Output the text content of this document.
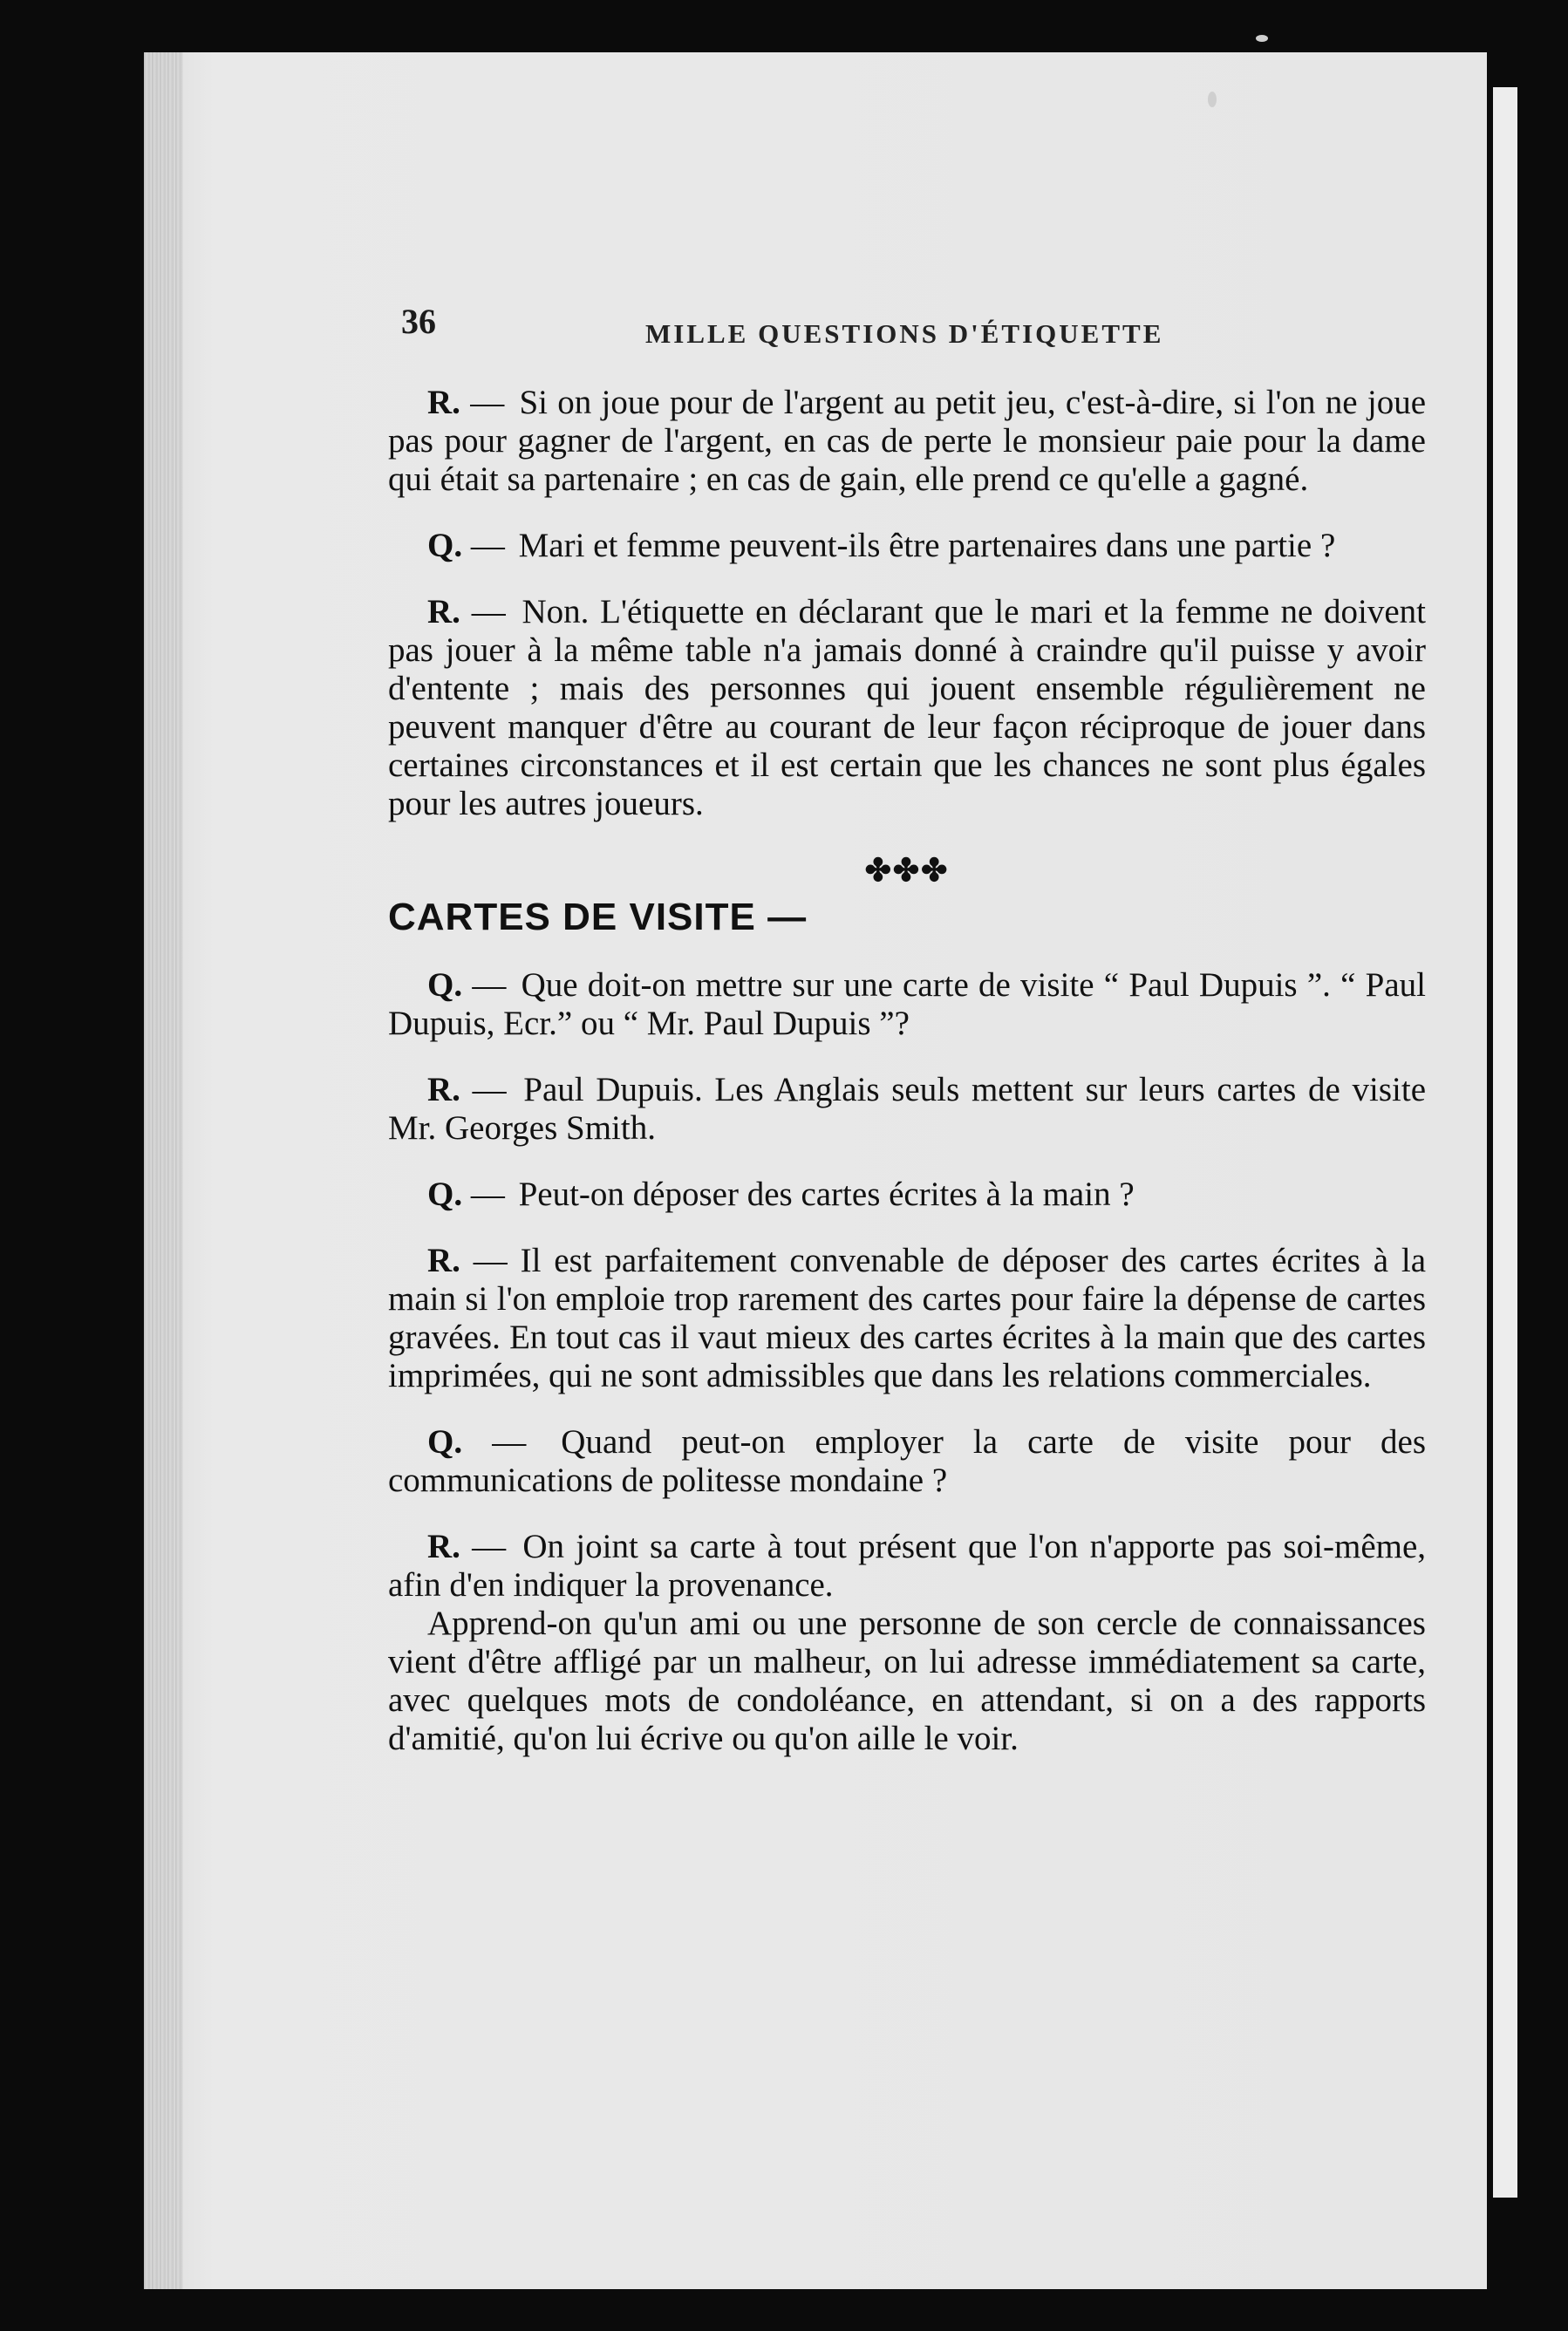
36	MILLE QUESTIONS D'ÉTIQUETTE

R. — Si on joue pour de l'argent au petit jeu, c'est-à-dire, si l'on ne joue pas pour gagner de l'argent, en cas de perte le monsieur paie pour la dame qui était sa partenaire ; en cas de gain, elle prend ce qu'elle a gagné.

Q. — Mari et femme peuvent-ils être partenaires dans une partie ?

R. — Non. L'étiquette en déclarant que le mari et la femme ne doivent pas jouer à la même table n'a jamais donné à craindre qu'il puisse y avoir d'entente ; mais des personnes qui jouent ensemble régulièrement ne peuvent manquer d'être au courant de leur façon réciproque de jouer dans certaines circonstances et il est certain que les chances ne sont plus égales pour les autres joueurs.

✤✤✤
CARTES DE VISITE —

Q. — Que doit-on mettre sur une carte de visite “ Paul Dupuis ”. “ Paul Dupuis, Ecr.” ou “ Mr. Paul Dupuis ”?

R. — Paul Dupuis. Les Anglais seuls mettent sur leurs cartes de visite Mr. Georges Smith.

Q. — Peut-on déposer des cartes écrites à la main ?

R. — Il est parfaitement convenable de déposer des cartes écrites à la main si l'on emploie trop rarement des cartes pour faire la dépense de cartes gravées. En tout cas il vaut mieux des cartes écrites à la main que des cartes imprimées, qui ne sont admissibles que dans les relations commerciales.

Q. — Quand peut-on employer la carte de visite pour des communications de politesse mondaine ?

R. — On joint sa carte à tout présent que l'on n'apporte pas soi-même, afin d'en indiquer la provenance.

Apprend-on qu'un ami ou une personne de son cercle de connaissances vient d'être affligé par un malheur, on lui adresse immédiatement sa carte, avec quelques mots de condoléance, en attendant, si on a des rapports d'amitié, qu'on lui écrive ou qu'on aille le voir.
